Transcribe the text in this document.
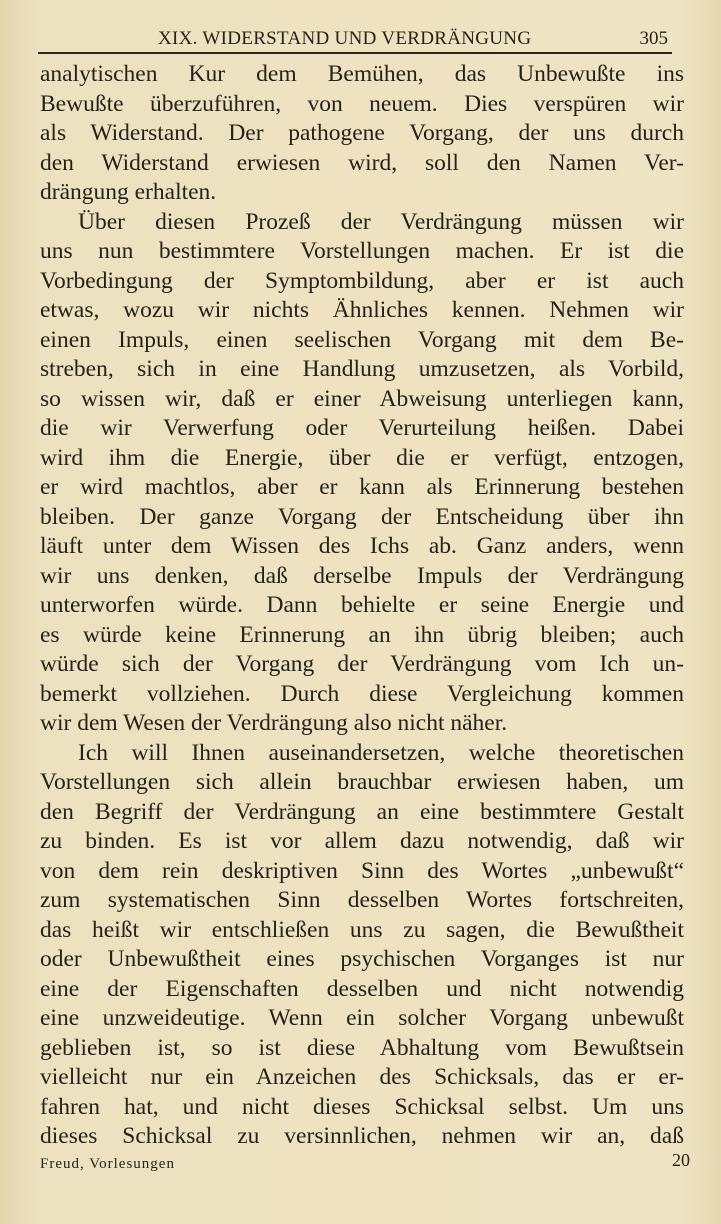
XIX. WIDERSTAND UND VERDRÄNGUNG	305
analytischen Kur dem Bemühen, das Unbewußte ins
Bewußte überzuführen, von neuem. Dies verspüren wir
als Widerstand. Der pathogene Vorgang, der uns durch
den Widerstand erwiesen wird, soll den Namen Ver-
drängung erhalten.
Über diesen Prozeß der Verdrängung müssen wir
uns nun bestimmtere Vorstellungen machen. Er ist die
Vorbedingung der Symptombildung, aber er ist auch
etwas, wozu wir nichts Ähnliches kennen. Nehmen wir
einen Impuls, einen seelischen Vorgang mit dem Be-
streben, sich in eine Handlung umzusetzen, als Vorbild,
so wissen wir, daß er einer Abweisung unterliegen kann,
die wir Verwerfung oder Verurteilung heißen. Dabei
wird ihm die Energie, über die er verfügt, entzogen,
er wird machtlos, aber er kann als Erinnerung bestehen
bleiben. Der ganze Vorgang der Entscheidung über ihn
läuft unter dem Wissen des Ichs ab. Ganz anders, wenn
wir uns denken, daß derselbe Impuls der Verdrängung
unterworfen würde. Dann behielte er seine Energie und
es würde keine Erinnerung an ihn übrig bleiben; auch
würde sich der Vorgang der Verdrängung vom Ich un-
bemerkt vollziehen. Durch diese Vergleichung kommen
wir dem Wesen der Verdrängung also nicht näher.
Ich will Ihnen auseinandersetzen, welche theoretischen
Vorstellungen sich allein brauchbar erwiesen haben, um
den Begriff der Verdrängung an eine bestimmtere Gestalt
zu binden. Es ist vor allem dazu notwendig, daß wir
von dem rein deskriptiven Sinn des Wortes „unbewußt“
zum systematischen Sinn desselben Wortes fortschreiten,
das heißt wir entschließen uns zu sagen, die Bewußtheit
oder Unbewußtheit eines psychischen Vorganges ist nur
eine der Eigenschaften desselben und nicht notwendig
eine unzweideutige. Wenn ein solcher Vorgang unbewußt
geblieben ist, so ist diese Abhaltung vom Bewußtsein
vielleicht nur ein Anzeichen des Schicksals, das er er-
fahren hat, und nicht dieses Schicksal selbst. Um uns
dieses Schicksal zu versinnlichen, nehmen wir an, daß
Freud, Vorlesungen	20
